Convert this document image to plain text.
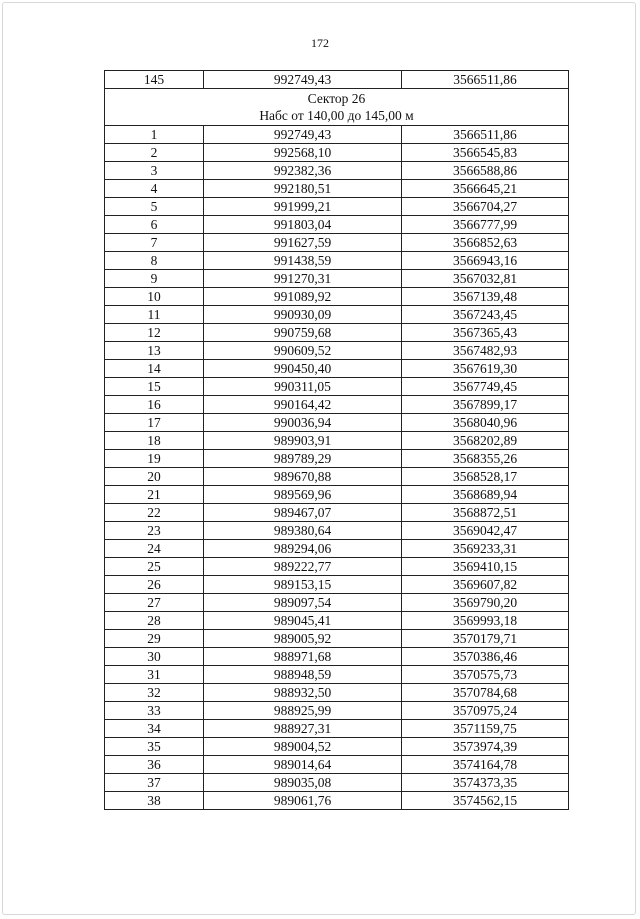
172
145	992749,43	3566511,86

Сектор 26
Набс от 140,00 до 145,00 м		

1	992749,43	3566511,86
2	992568,10	3566545,83
3	992382,36	3566588,86
4	992180,51	3566645,21
5	991999,21	3566704,27
6	991803,04	3566777,99
7	991627,59	3566852,63
8	991438,59	3566943,16
9	991270,31	3567032,81
10	991089,92	3567139,48
11	990930,09	3567243,45
12	990759,68	3567365,43
13	990609,52	3567482,93
14	990450,40	3567619,30
15	990311,05	3567749,45
16	990164,42	3567899,17
17	990036,94	3568040,96
18	989903,91	3568202,89
19	989789,29	3568355,26
20	989670,88	3568528,17
21	989569,96	3568689,94
22	989467,07	3568872,51
23	989380,64	3569042,47
24	989294,06	3569233,31
25	989222,77	3569410,15
26	989153,15	3569607,82
27	989097,54	3569790,20
28	989045,41	3569993,18
29	989005,92	3570179,71
30	988971,68	3570386,46
31	988948,59	3570575,73
32	988932,50	3570784,68
33	988925,99	3570975,24
34	988927,31	3571159,75
35	989004,52	3573974,39
36	989014,64	3574164,78
37	989035,08	3574373,35
38	989061,76	3574562,15
